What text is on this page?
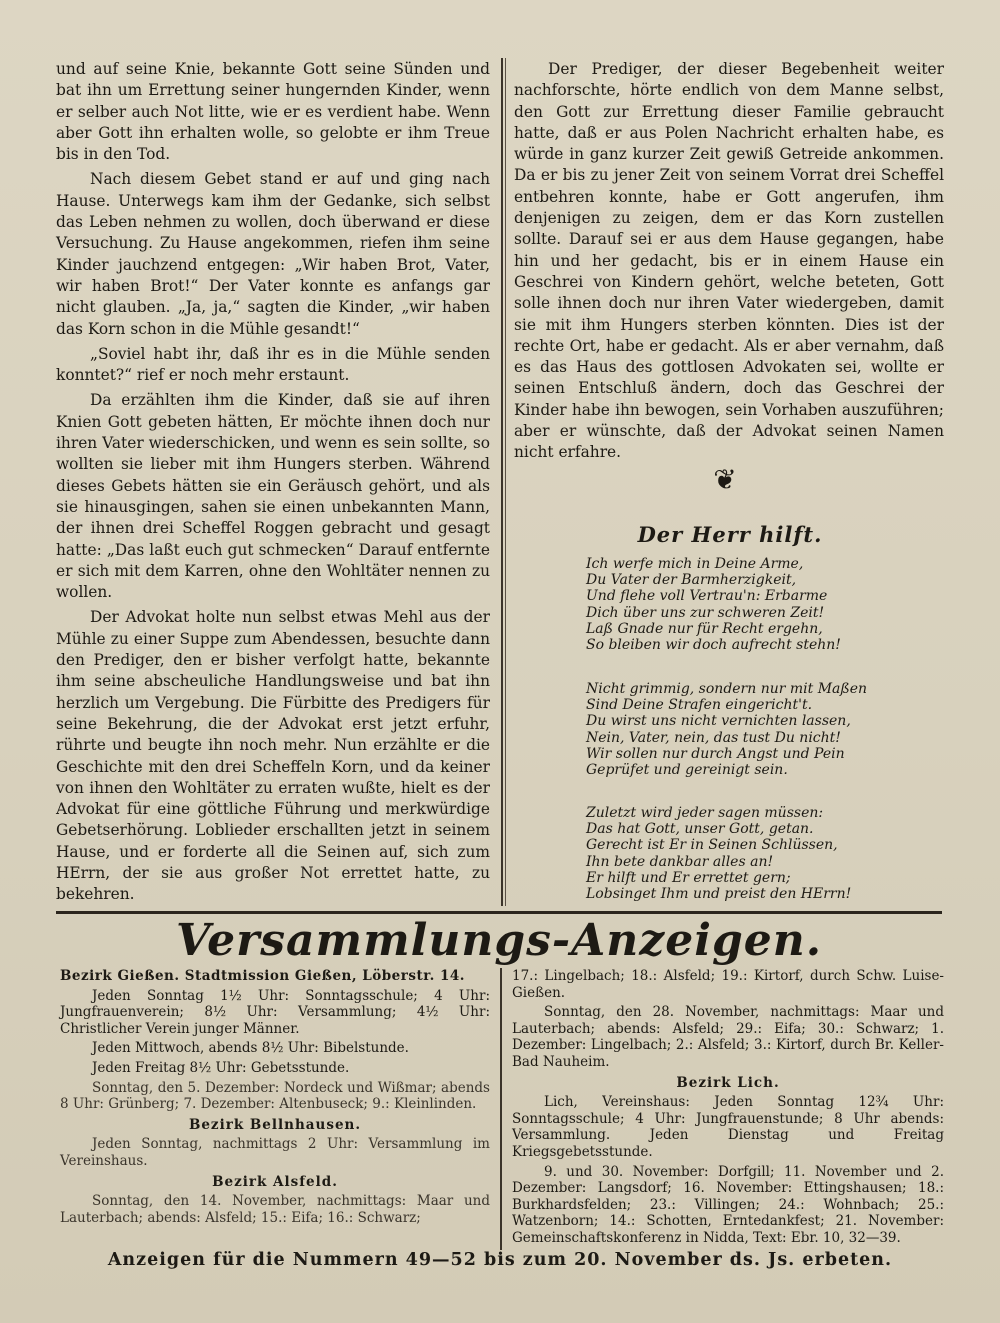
und auf seine Knie, bekannte Gott seine Sünden und bat ihn um Errettung seiner hungernden Kinder, wenn er selber auch Not litte, wie er es verdient habe. Wenn aber Gott ihn erhalten wolle, so gelobte er ihm Treue bis in den Tod.

Nach diesem Gebet stand er auf und ging nach Hause. Unterwegs kam ihm der Gedanke, sich selbst das Leben nehmen zu wollen, doch überwand er diese Versuchung. Zu Hause angekommen, riefen ihm seine Kinder jauchzend entgegen: „Wir haben Brot, Vater, wir haben Brot!“ Der Vater konnte es anfangs gar nicht glauben. „Ja, ja,“ sagten die Kinder, „wir haben das Korn schon in die Mühle gesandt!“

„Soviel habt ihr, daß ihr es in die Mühle senden konntet?“ rief er noch mehr erstaunt.

Da erzählten ihm die Kinder, daß sie auf ihren Knien Gott gebeten hätten, Er möchte ihnen doch nur ihren Vater wiederschicken, und wenn es sein sollte, so wollten sie lieber mit ihm Hungers sterben. Während dieses Gebets hätten sie ein Geräusch gehört, und als sie hinausgingen, sahen sie einen unbekannten Mann, der ihnen drei Scheffel Roggen gebracht und gesagt hatte: „Das laßt euch gut schmecken“ Darauf entfernte er sich mit dem Karren, ohne den Wohltäter nennen zu wollen.

Der Advokat holte nun selbst etwas Mehl aus der Mühle zu einer Suppe zum Abendessen, besuchte dann den Prediger, den er bisher verfolgt hatte, bekannte ihm seine abscheuliche Handlungsweise und bat ihn herzlich um Vergebung. Die Fürbitte des Predigers für seine Bekehrung, die der Advokat erst jetzt erfuhr, rührte und beugte ihn noch mehr. Nun erzählte er die Geschichte mit den drei Scheffeln Korn, und da keiner von ihnen den Wohltäter zu erraten wußte, hielt es der Advokat für eine göttliche Führung und merkwürdige Gebetserhörung. Loblieder erschallten jetzt in seinem Hause, und er forderte all die Seinen auf, sich zum HErrn, der sie aus großer Not errettet hatte, zu bekehren.

Der Prediger, der dieser Begebenheit weiter nachforschte, hörte endlich von dem Manne selbst, den Gott zur Errettung dieser Familie gebraucht hatte, daß er aus Polen Nachricht erhalten habe, es würde in ganz kurzer Zeit gewiß Getreide ankommen. Da er bis zu jener Zeit von seinem Vorrat drei Scheffel entbehren konnte, habe er Gott angerufen, ihm denjenigen zu zeigen, dem er das Korn zustellen sollte. Darauf sei er aus dem Hause gegangen, habe hin und her gedacht, bis er in einem Hause ein Geschrei von Kindern gehört, welche beteten, Gott solle ihnen doch nur ihren Vater wiedergeben, damit sie mit ihm Hungers sterben könnten. Dies ist der rechte Ort, habe er gedacht. Als er aber vernahm, daß es das Haus des gottlosen Advokaten sei, wollte er seinen Entschluß ändern, doch das Geschrei der Kinder habe ihn bewogen, sein Vorhaben auszuführen; aber er wünschte, daß der Advokat seinen Namen nicht erfahre.

❦
Der Herr hilft.
Ich werfe mich in Deine Arme,
Du Vater der Barmherzigkeit,
Und flehe voll Vertrau'n: Erbarme
Dich über uns zur schweren Zeit!
Laß Gnade nur für Recht ergehn,
So bleiben wir doch aufrecht stehn!
Nicht grimmig, sondern nur mit Maßen
Sind Deine Strafen eingericht't.
Du wirst uns nicht vernichten lassen,
Nein, Vater, nein, das tust Du nicht!
Wir sollen nur durch Angst und Pein
Geprüfet und gereinigt sein.
Zuletzt wird jeder sagen müssen:
Das hat Gott, unser Gott, getan.
Gerecht ist Er in Seinen Schlüssen,
Ihn bete dankbar alles an!
Er hilft und Er errettet gern;
Lobsinget Ihm und preist den HErrn!
Versammlungs-Anzeigen.

Bezirk Gießen. Stadtmission Gießen, Löberstr. 14.

Jeden Sonntag 1½ Uhr: Sonntagsschule; 4 Uhr: Jungfrauenverein; 8½ Uhr: Versammlung; 4½ Uhr: Christlicher Verein junger Männer.

Jeden Mittwoch, abends 8½ Uhr: Bibelstunde.

Jeden Freitag 8½ Uhr: Gebetsstunde.

Sonntag, den 5. Dezember: Nordeck und Wißmar; abends 8 Uhr: Grünberg; 7. Dezember: Altenbuseck; 9.: Kleinlinden.

Bezirk Bellnhausen.

Jeden Sonntag, nachmittags 2 Uhr: Versammlung im Vereinshaus.

Bezirk Alsfeld.

Sonntag, den 14. November, nachmittags: Maar und Lauterbach; abends: Alsfeld; 15.: Eifa; 16.: Schwarz;

17.: Lingelbach; 18.: Alsfeld; 19.: Kirtorf, durch Schw. Luise-Gießen.

Sonntag, den 28. November, nachmittags: Maar und Lauterbach; abends: Alsfeld; 29.: Eifa; 30.: Schwarz; 1. Dezember: Lingelbach; 2.: Alsfeld; 3.: Kirtorf, durch Br. Keller-Bad Nauheim.

Bezirk Lich.

Lich, Vereinshaus: Jeden Sonntag 12¾ Uhr: Sonntagsschule; 4 Uhr: Jungfrauenstunde; 8 Uhr abends: Versammlung. Jeden Dienstag und Freitag Kriegsgebetsstunde.

9. und 30. November: Dorfgill; 11. November und 2. Dezember: Langsdorf; 16. November: Ettingshausen; 18.: Burkhardsfelden; 23.: Villingen; 24.: Wohnbach; 25.: Watzenborn; 14.: Schotten, Erntedankfest; 21. November: Gemeinschaftskonferenz in Nidda, Text: Ebr. 10, 32—39.

Anzeigen für die Nummern 49—52 bis zum 20. November ds. Js. erbeten.
